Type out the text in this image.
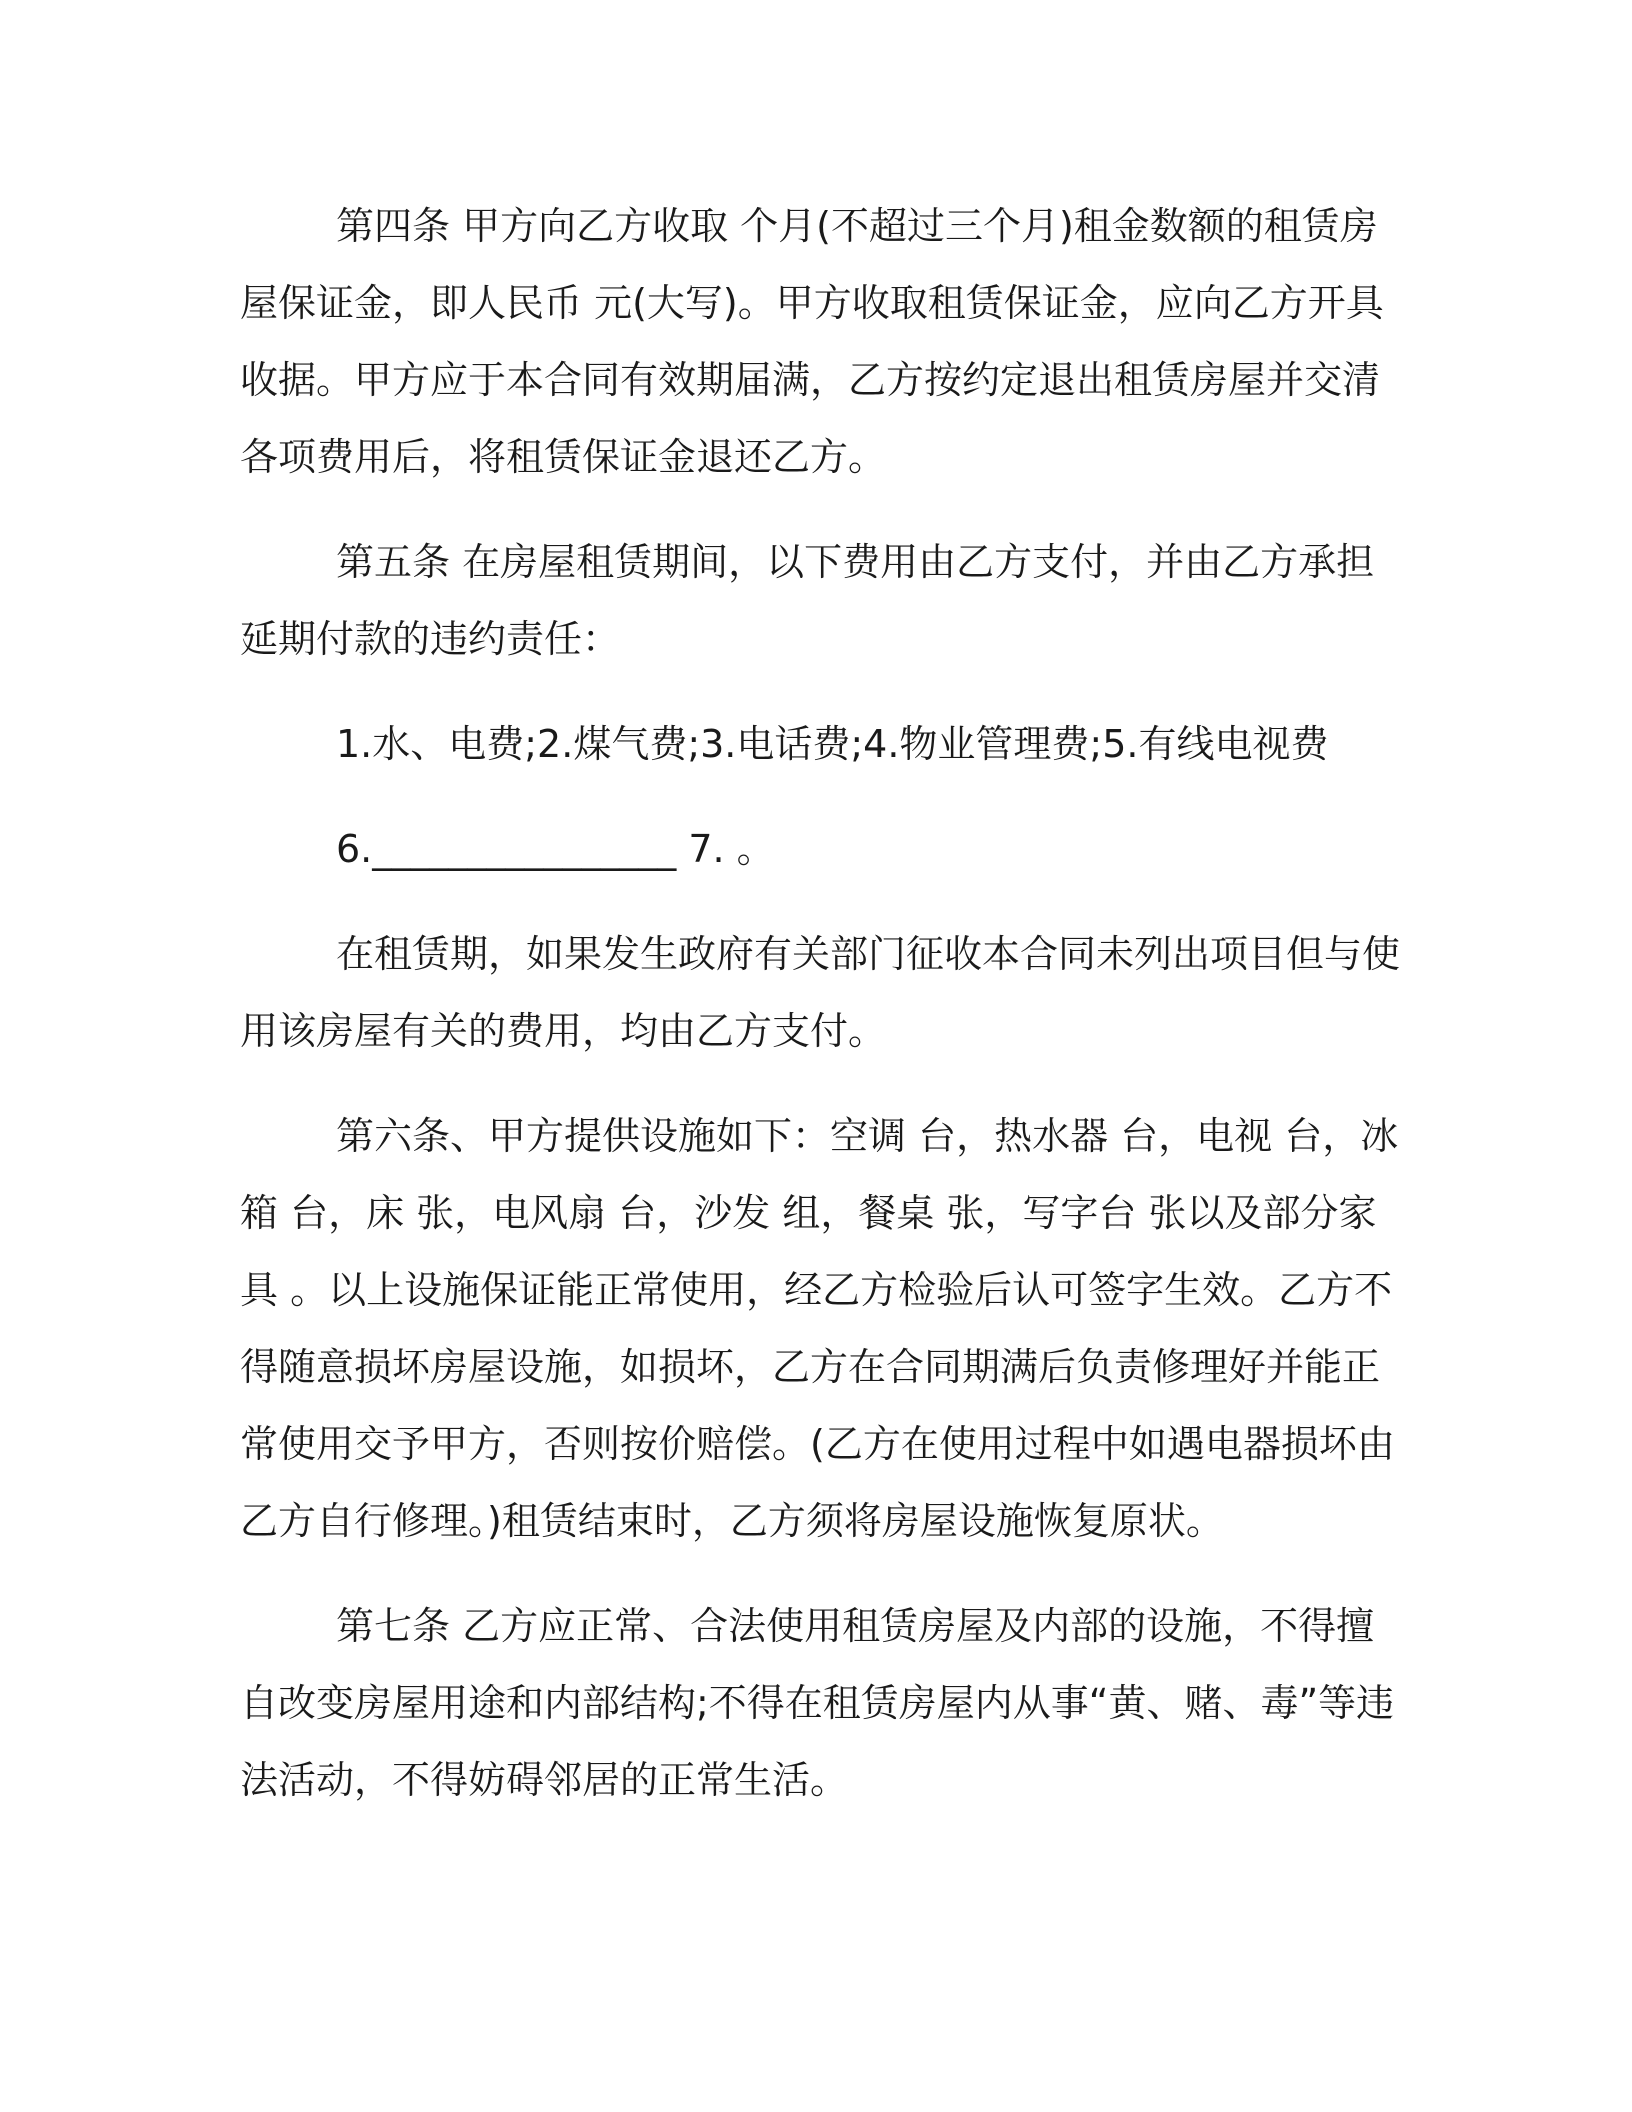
第四条 甲方向乙方收取 个月(不超过三个月)租金数额的租赁房屋保证金，即人民币 元(大写)。甲方收取租赁保证金，应向乙方开具收据。甲方应于本合同有效期届满，乙方按约定退出租赁房屋并交清各项费用后，将租赁保证金退还乙方。

第五条 在房屋租赁期间，以下费用由乙方支付，并由乙方承担延期付款的违约责任：

1.水、电费;2.煤气费;3.电话费;4.物业管理费;5.有线电视费

6.________________ 7. 。

在租赁期，如果发生政府有关部门征收本合同未列出项目但与使用该房屋有关的费用，均由乙方支付。

第六条、甲方提供设施如下：空调 台，热水器 台，电视 台，冰箱 台，床 张，电风扇 台，沙发 组，餐桌 张，写字台 张以及部分家具 。以上设施保证能正常使用，经乙方检验后认可签字生效。乙方不得随意损坏房屋设施，如损坏，乙方在合同期满后负责修理好并能正常使用交予甲方，否则按价赔偿。(乙方在使用过程中如遇电器损坏由乙方自行修理。)租赁结束时，乙方须将房屋设施恢复原状。

第七条 乙方应正常、合法使用租赁房屋及内部的设施，不得擅自改变房屋用途和内部结构;不得在租赁房屋内从事“黄、赌、毒”等违法活动，不得妨碍邻居的正常生活。
